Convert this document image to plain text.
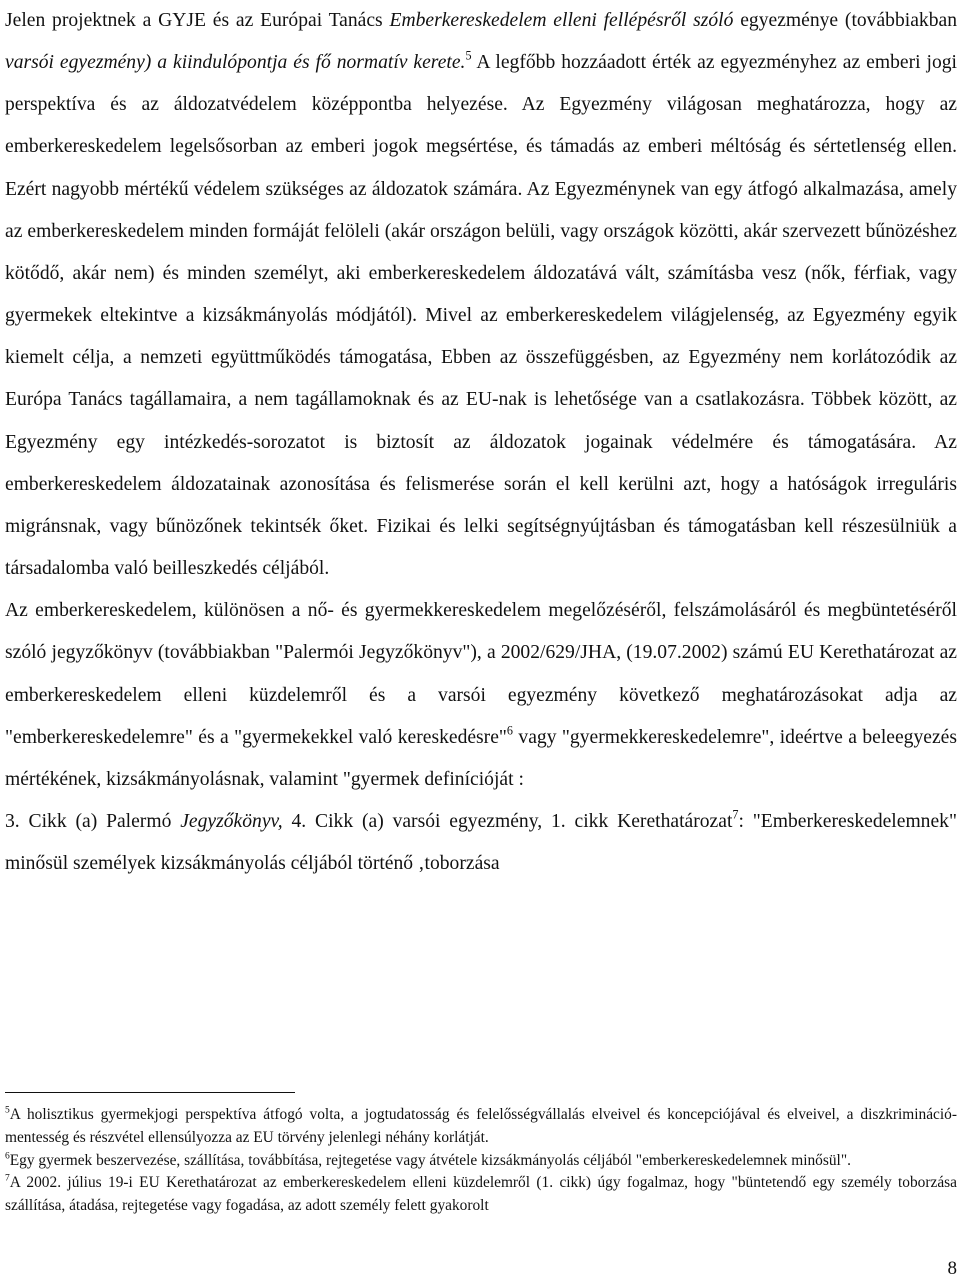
Jelen projektnek a GYJE és az Európai Tanács Emberkereskedelem elleni fellépésről szóló egyezménye (továbbiakban varsói egyezmény) a kiindulópontja és fő normatív kerete.$^5$ A legfőbb hozzáadott érték az egyezményhez az emberi jogi perspektíva és az áldozatvédelem középpontba helyezése. Az Egyezmény világosan meghatározza, hogy az emberkereskedelem legelsősorban az emberi jogok megsértése, és támadás az emberi méltóság és sértetlenség ellen. Ezért nagyobb mértékű védelem szükséges az áldozatok számára. Az Egyezménynek van egy átfogó alkalmazása, amely az emberkereskedelem minden formáját felöleli (akár országon belüli, vagy országok közötti, akár szervezett bűnözéshez kötődő, akár nem) és minden személyt, aki emberkereskedelem áldozatává vált, számításba vesz (nők, férfiak, vagy gyermekek eltekintve a kizsákmányolás módjától). Mivel az emberkereskedelem világjelenség, az Egyezmény egyik kiemelt célja, a nemzeti együttműködés támogatása, Ebben az összefüggésben, az Egyezmény nem korlátozódik az Európa Tanács tagállamaira, a nem tagállamoknak és az EU-nak is lehetősége van a csatlakozásra. Többek között, az Egyezmény egy intézkedés-sorozatot is biztosít az áldozatok jogainak védelmére és támogatására. Az emberkereskedelem áldozatainak azonosítása és felismerése során el kell kerülni azt, hogy a hatóságok irreguláris migránsnak, vagy bűnözőnek tekintsék őket. Fizikai és lelki segítségnyújtásban és támogatásban kell részesülniük a társadalomba való beilleszkedés céljából.

Az emberkereskedelem, különösen a nő- és gyermekkereskedelem megelőzéséről, felszámolásáról és megbüntetéséről szóló jegyzőkönyv (továbbiakban "Palermói Jegyzőkönyv"), a 2002/629/JHA, (19.07.2002) számú EU Kerethatározat az emberkereskedelem elleni küzdelemről és a varsói egyezmény következő meghatározásokat adja az "emberkereskedelemre" és a "gyermekekkel való kereskedésre"$^6$ vagy "gyermekkereskedelemre", ideértve a beleegyezés mértékének, kizsákmányolásnak, valamint "gyermek definícióját :

3. Cikk (a) Palermó Jegyzőkönyv, 4. Cikk (a) varsói egyezmény, 1. cikk Kerethatározat$^7$: "Emberkereskedelemnek" minősül személyek kizsákmányolás céljából történő ‚toborzása

$^5$A holisztikus gyermekjogi perspektíva átfogó volta, a jogtudatosság és felelősségvállalás elveivel és koncepciójával és elveivel, a diszkrimináció-mentesség és részvétel ellensúlyozza az EU törvény jelenlegi néhány korlátját.

$^6$Egy gyermek beszervezése, szállítása, továbbítása, rejtegetése vagy átvétele kizsákmányolás céljából "emberkereskedelemnek minősül".

$^7$A 2002. július 19-i EU Kerethatározat az emberkereskedelem elleni küzdelemről (1. cikk) úgy fogalmaz, hogy "büntetendő egy személy toborzása szállítása, átadása, rejtegetése vagy fogadása, az adott személy felett gyakorolt

8
